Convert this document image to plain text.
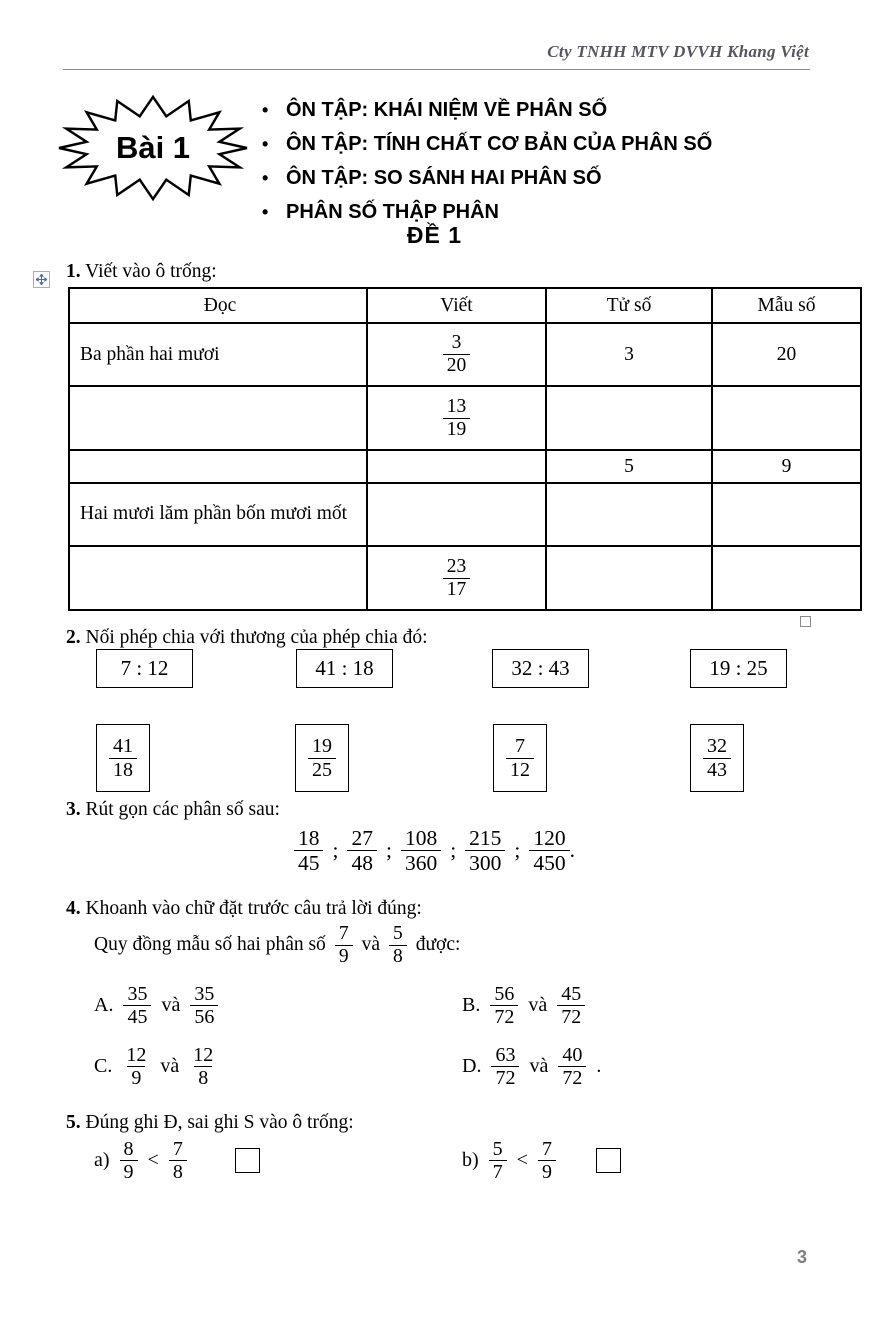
Cty TNHH MTV DVVH Khang Việt
Bài 1
• ÔN TẬP: KHÁI NIỆM VỀ PHÂN SỐ
• ÔN TẬP: TÍNH CHẤT CƠ BẢN CỦA PHÂN SỐ
• ÔN TẬP: SO SÁNH HAI PHÂN SỐ
• PHÂN SỐ THẬP PHÂN
ĐỀ 1
1. Viết vào ô trống:
Đọc	Viết	Tử số	Mẫu số
Ba phần hai mươi	$\frac{3}{20}$	3	20

	$\frac{13}{19}$

		5	9
Hai mươi lăm phần bốn mươi mốt			

	$\frac{23}{17}$

2. Nối phép chia với thương của phép chia đó:
7 : 12	41 : 18	32 : 43	19 : 25
$\frac{41}{18}$	$\frac{19}{25}$	$\frac{7}{12}$	$\frac{32}{43}$
3. Rút gọn các phân số sau:
$\frac{18}{45}$ ; $\frac{27}{48}$ ; $\frac{108}{360}$ ; $\frac{215}{300}$ ; $\frac{120}{450}$ .
4. Khoanh vào chữ đặt trước câu trả lời đúng:
Quy đồng mẫu số hai phân số $\frac{7}{9}$ và $\frac{5}{8}$ được:
A. $\frac{35}{45}$ và $\frac{35}{56}$	B. $\frac{56}{72}$ và $\frac{45}{72}$
C. $\frac{12}{9}$ và $\frac{12}{8}$	D. $\frac{63}{72}$ và $\frac{40}{72}$ .
5. Đúng ghi Đ, sai ghi S vào ô trống:
$a) \frac{8}{9} < \frac{7}{8}$	$b) \frac{5}{7} < \frac{7}{9}$
3
